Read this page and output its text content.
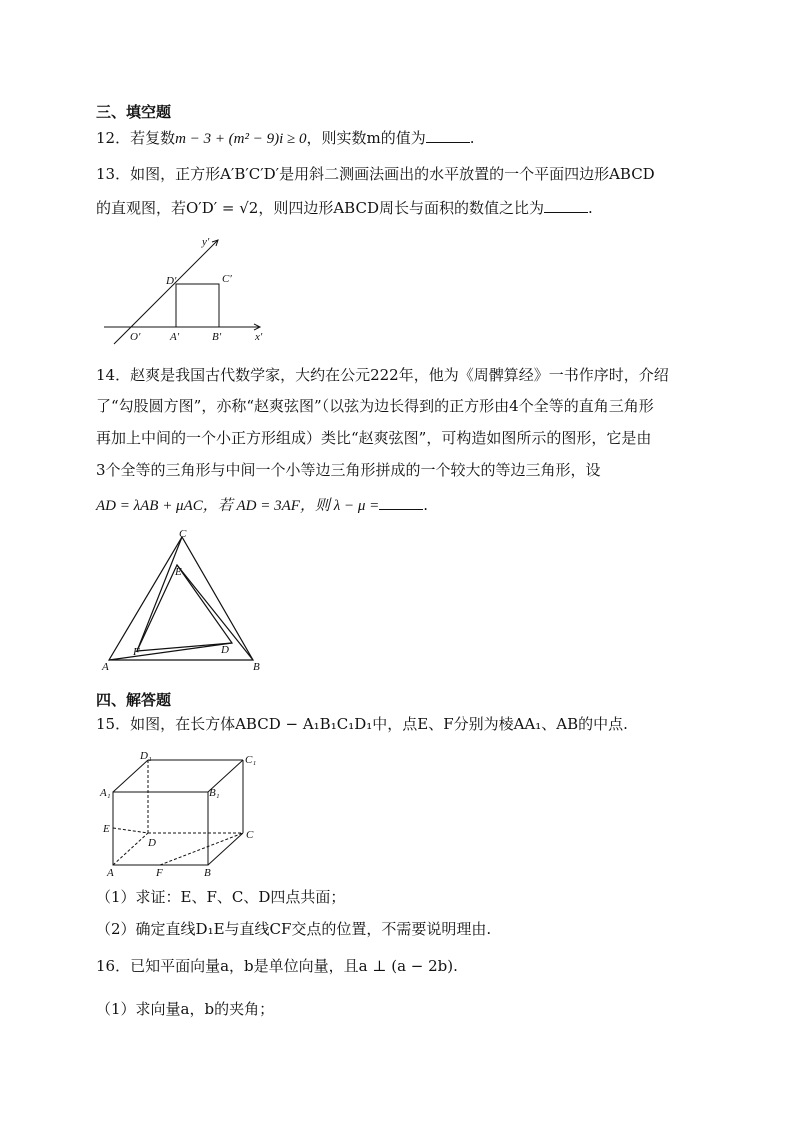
三、填空题
12．若复数m − 3 + (m² − 9)i ≥ 0，则实数m的值为	.
13．如图，正方形A′B′C′D′是用斜二测画法画出的水平放置的一个平面四边形ABCD
的直观图，若O′D′ = √2，则四边形ABCD周长与面积的数值之比为	.
y′
x′
O′	A′	B′
C′
D′
14．赵爽是我国古代数学家，大约在公元222年，他为《周髀算经》一书作序时，介绍
了“勾股圆方图”，亦称“赵爽弦图”（以弦为边长得到的正方形由4个全等的直角三角形
再加上中间的一个小正方形组成）类比“赵爽弦图”，可构造如图所示的图形，它是由
3个全等的三角形与中间一个小等边三角形拼成的一个较大的等边三角形，设
AD = λAB + μAC，若 AD = 3AF，则 λ − μ =	.
A	B
C
D
E
F
四、解答题
15．如图，在长方体ABCD − A₁B₁C₁D₁中，点E、F分别为棱AA₁、AB的中点.
A	B
C
D
A₁	B₁
C₁
D₁
E
F
（1）求证：E、F、C、D四点共面；
（2）确定直线D₁E与直线CF交点的位置，不需要说明理由.
16．已知平面向量a，b是单位向量，且a ⊥ (a − 2b).
（1）求向量a，b的夹角；
